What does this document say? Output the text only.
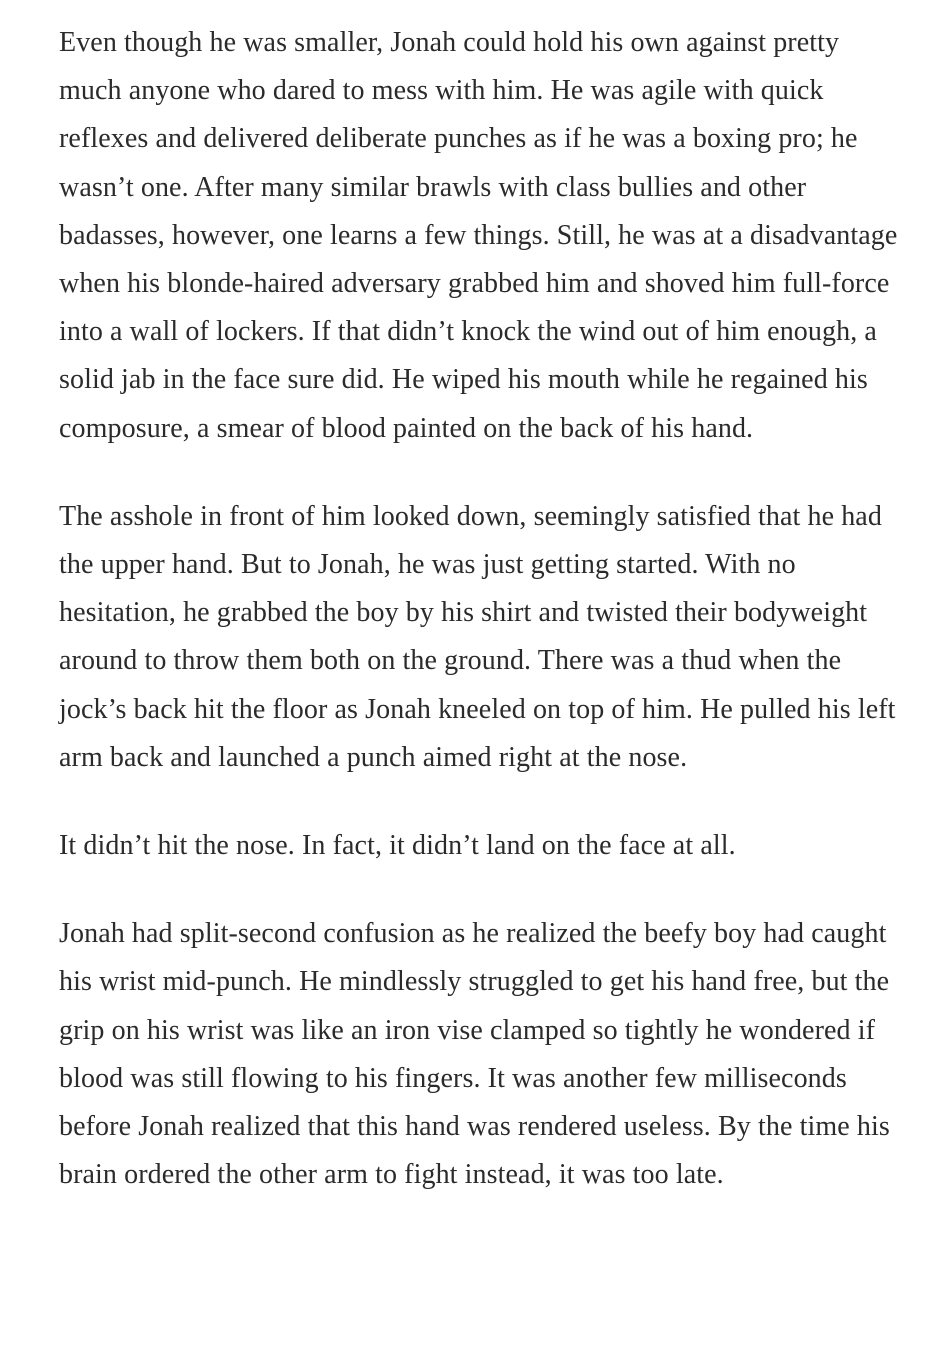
Even though he was smaller, Jonah could hold his own against pretty much anyone who dared to mess with him. He was agile with quick reflexes and delivered deliberate punches as if he was a boxing pro; he wasn’t one. After many similar brawls with class bullies and other badasses, however, one learns a few things. Still, he was at a disadvantage when his blonde-haired adversary grabbed him and shoved him full-force into a wall of lockers. If that didn’t knock the wind out of him enough, a solid jab in the face sure did. He wiped his mouth while he regained his composure, a smear of blood painted on the back of his hand.

The asshole in front of him looked down, seemingly satisfied that he had the upper hand. But to Jonah, he was just getting started. With no hesitation, he grabbed the boy by his shirt and twisted their bodyweight around to throw them both on the ground. There was a thud when the jock’s back hit the floor as Jonah kneeled on top of him. He pulled his left arm back and launched a punch aimed right at the nose.

It didn’t hit the nose. In fact, it didn’t land on the face at all.

Jonah had split-second confusion as he realized the beefy boy had caught his wrist mid-punch. He mindlessly struggled to get his hand free, but the grip on his wrist was like an iron vise clamped so tightly he wondered if blood was still flowing to his fingers. It was another few milliseconds before Jonah realized that this hand was rendered useless. By the time his brain ordered the other arm to fight instead, it was too late.
